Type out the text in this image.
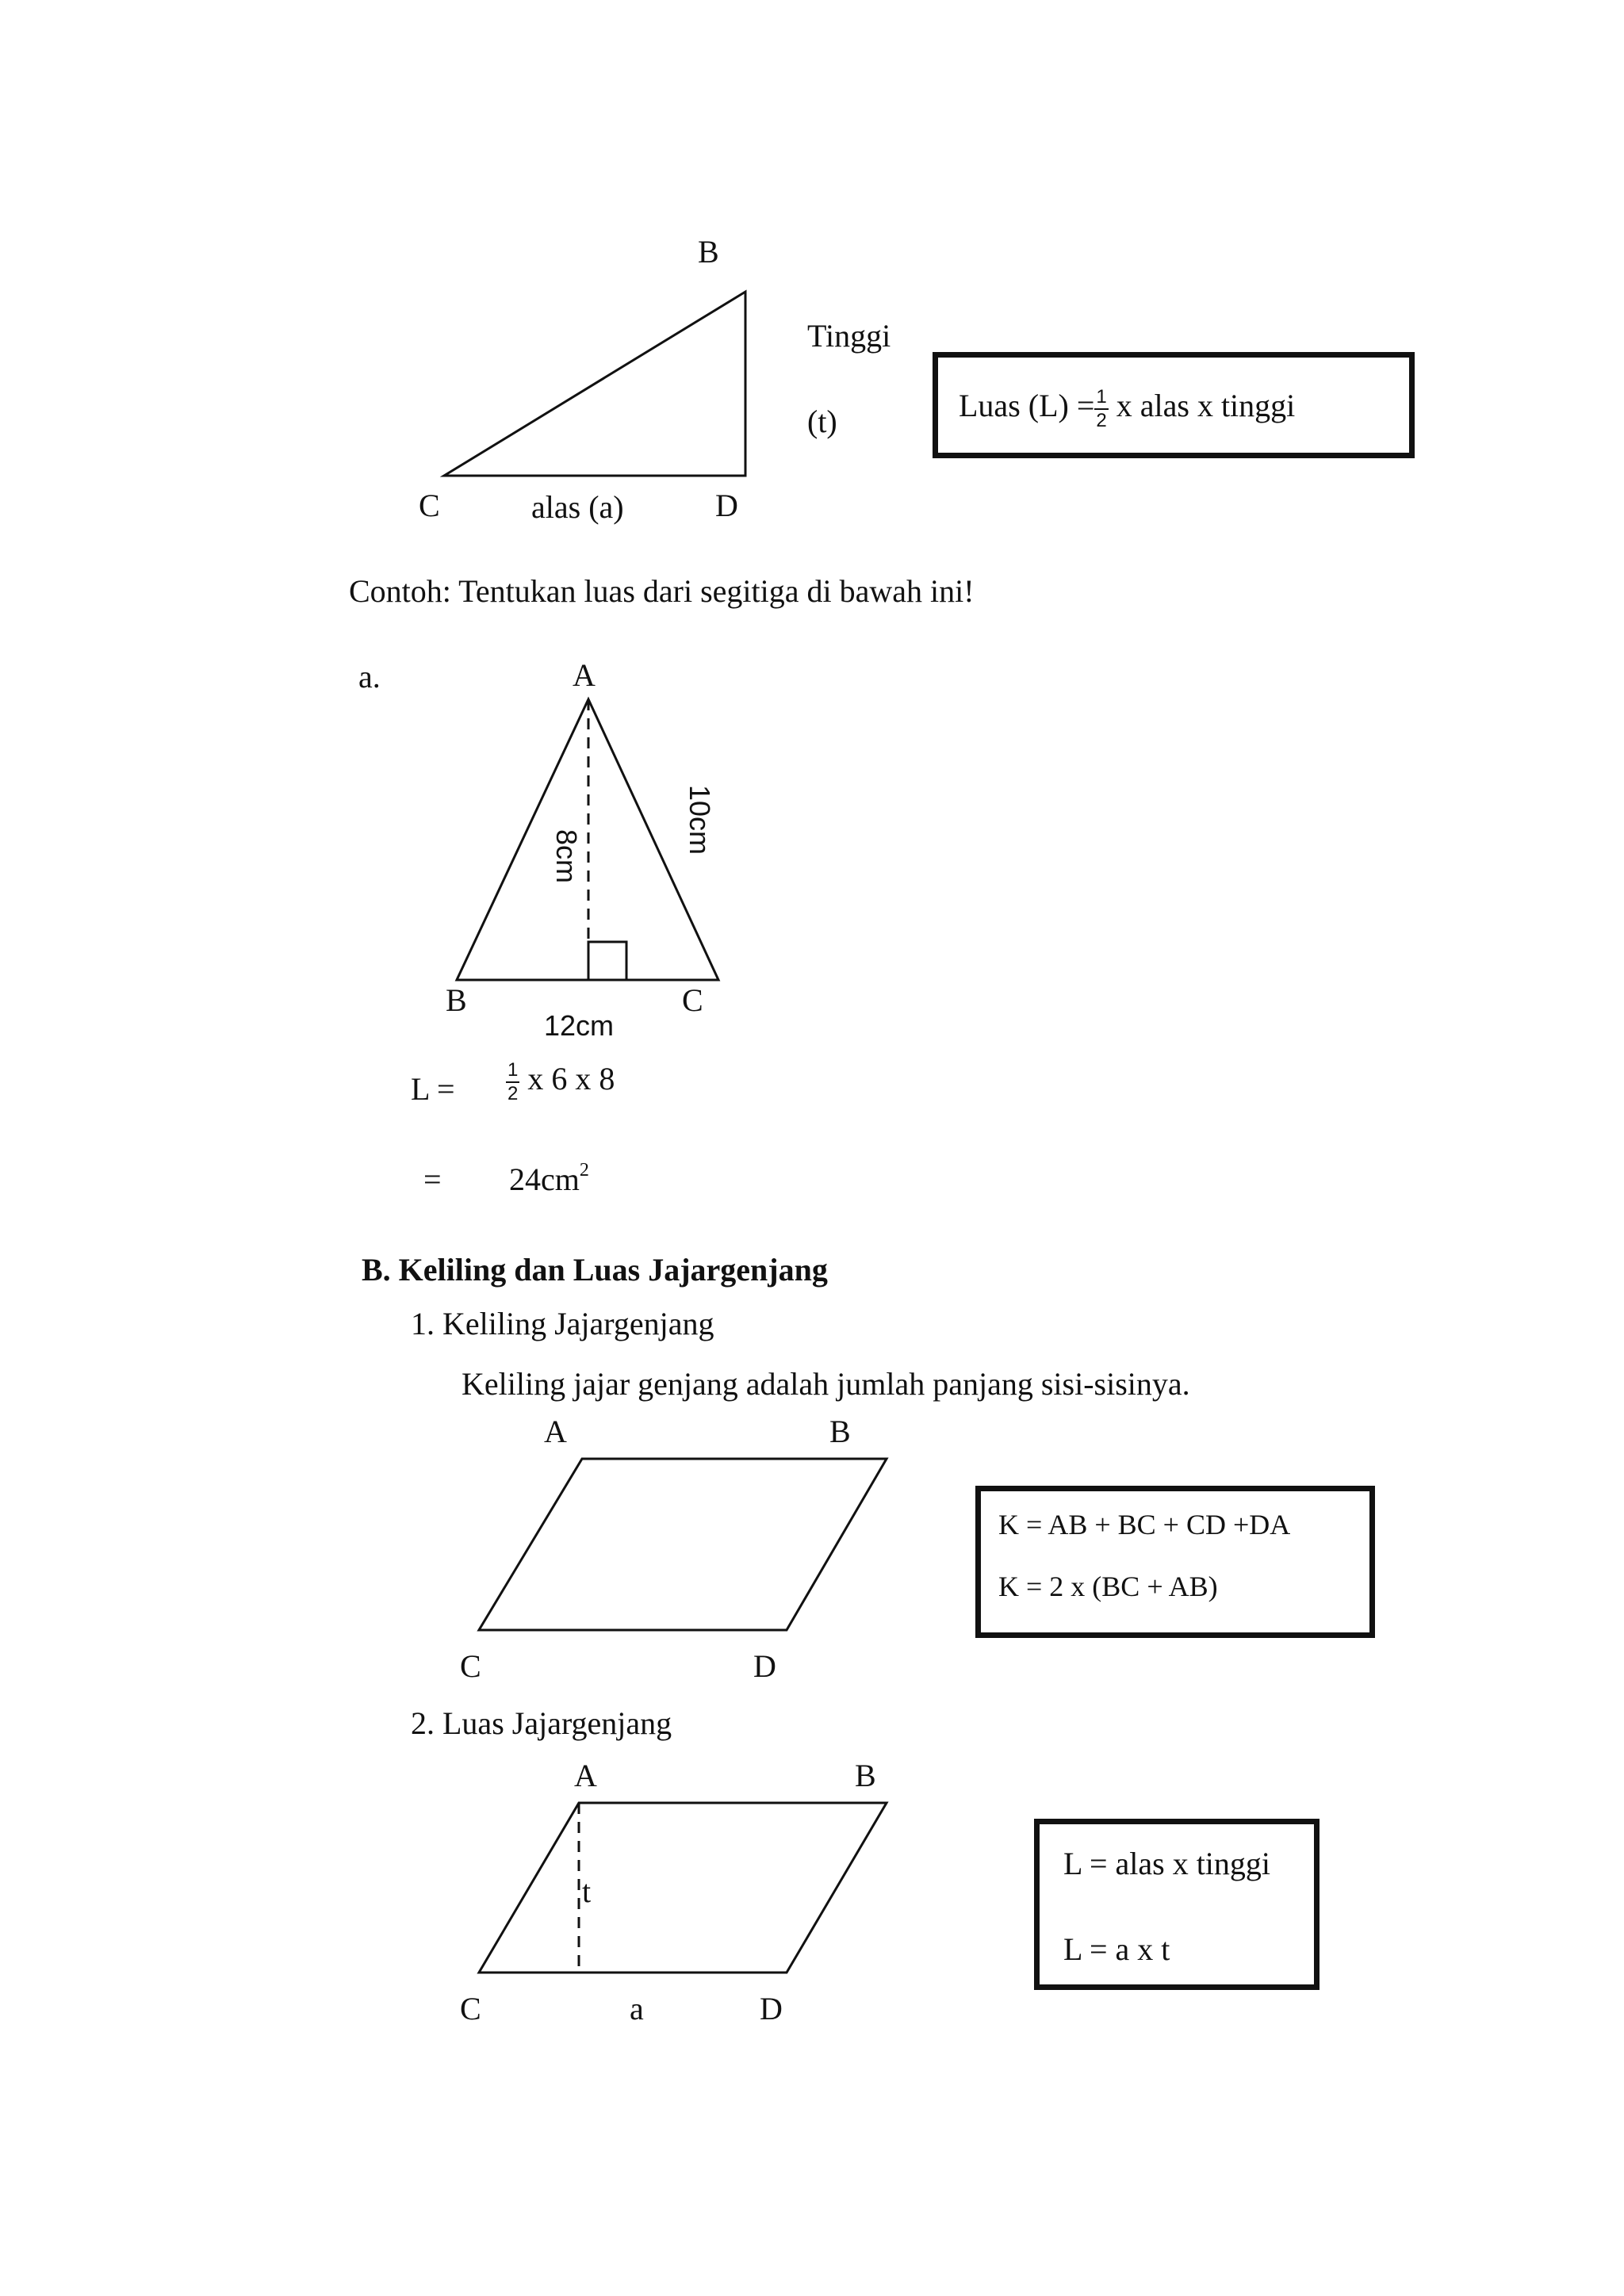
B
C	D
alas (a)
Tinggi
(t)	Luas $(L) = \frac{1}{2}$ x alas x tinggi
Contoh: Tentukan luas dari segitiga di bawah ini!
a.	A
B	C
8cm
10cm
12cm
L =	$\frac{1}{2}$ x 6 x 8
= $24cm^2$
B. Keliling dan Luas Jajargenjang
1. Keliling Jajargenjang
Keliling jajar genjang adalah jumlah panjang sisi-sisinya.
A	B
C	D
K = AB + BC + CD +DA
K = 2 x (BC + AB)
2. Luas Jajargenjang
A	B
t
C	a	D
L = alas x tinggi
L = a x t
